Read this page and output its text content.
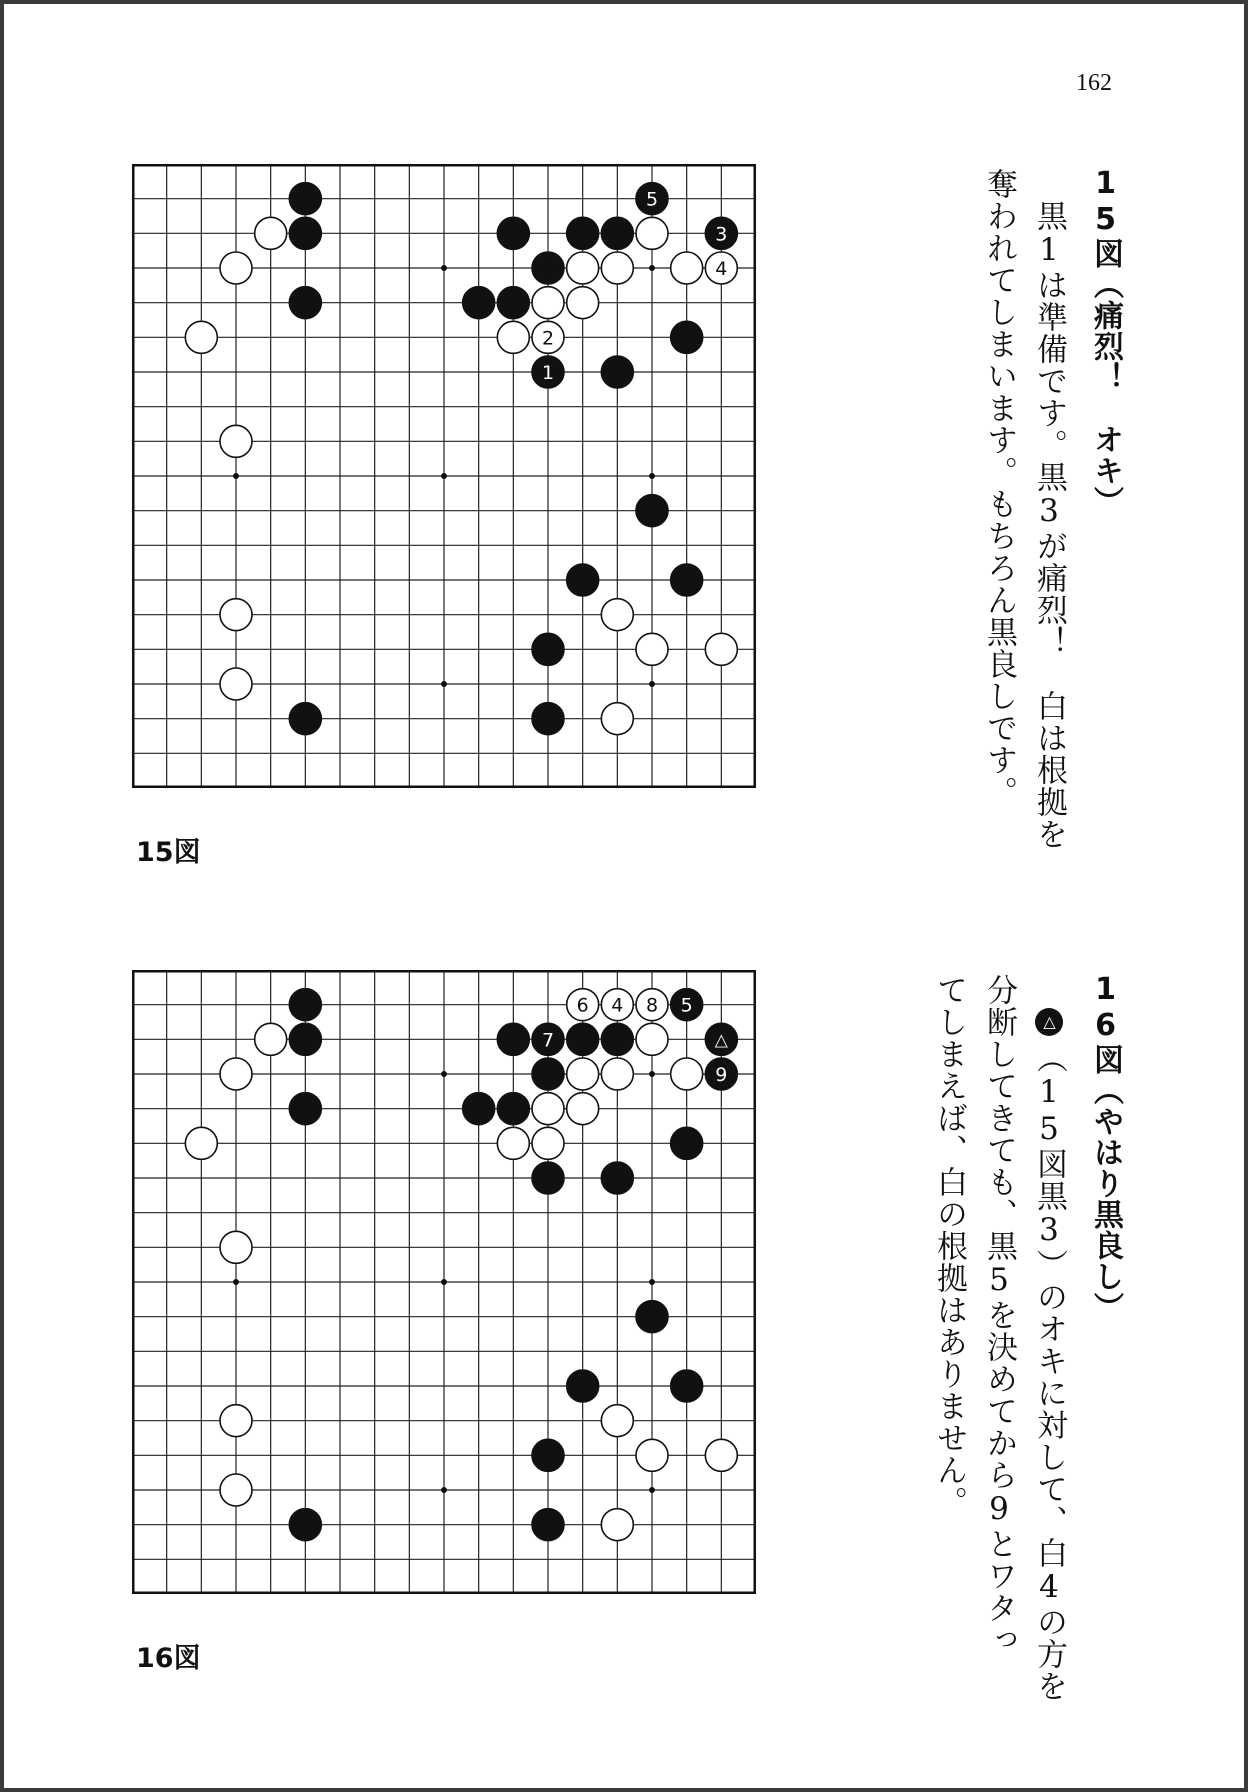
162
5
3
4
2
1
15図
6 4 8 5
7	△
9
16図
15図（痛烈！　オキ）
黒1は準備です。黒3が痛烈！　白は根拠を
奪われてしまいます。もちろん黒良しです。
16図（やはり黒良し）
△（15図黒3）のオキに対して、白4の方を
分断してきても、黒5を決めてから9とワタっ
てしまえば、白の根拠はありません。
